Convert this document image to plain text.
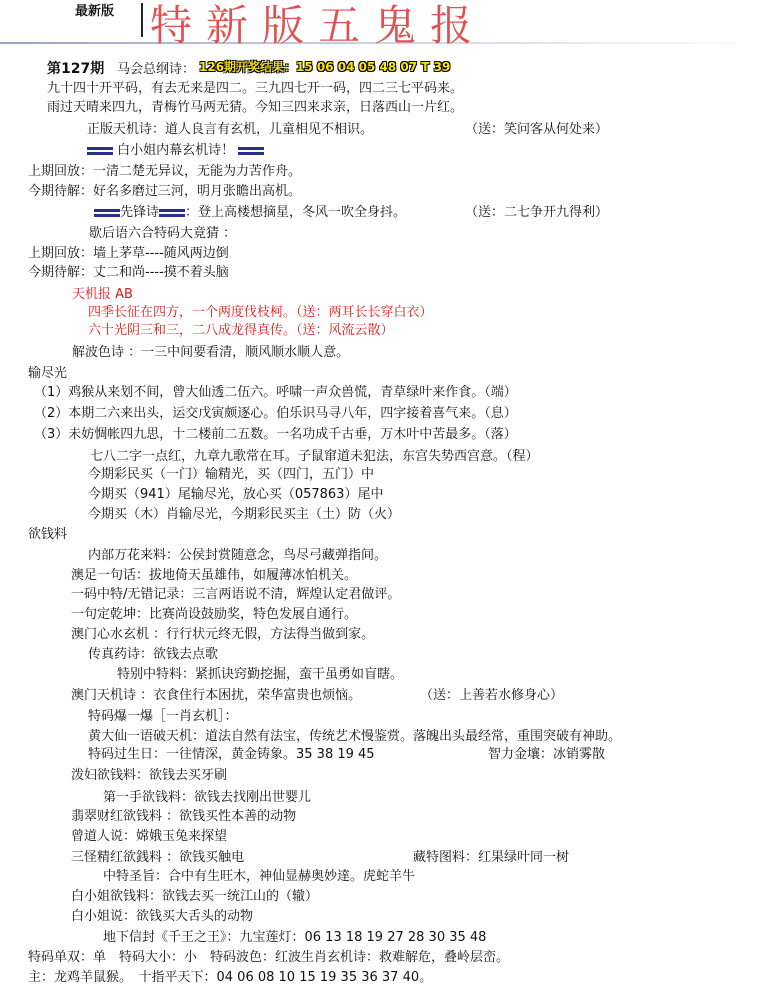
最新版 特新版五鬼报
第127期 马会总纲诗： 126期开奖结果：15 06 04 05 48 07 T 39
九十四十开平码，有去无来是四二。三九四七开一码，四二三七平码来。
雨过天晴来四九，青梅竹马两无猜。今知三四来求亲，日落西山一片红。
正版天机诗：道人良言有玄机，儿童相见不相识。	（送：笑问客从何处来）
白小姐内幕玄机诗！
上期回放：一清二楚无异议，无能为力苦作舟。
今期待解：好名多磨过三河，明月张瞻出高机。
先锋诗 ：登上高楼想摘星，冬风一吹全身抖。	（送：二七争开九得利）
歇后语六合特码大竟猜 ：
上期回放：墙上茅草----随风两边倒
今期待解：丈二和尚----摸不着头脑
天机报 AB
四季长征在四方，一个两度伐枝柯。（送：两耳长长穿白衣）
六十光阴三和三，二八成龙得真传。（送：风流云散）
解波色诗 ：一三中间要看清，顺风顺水顺人意。
输尽光
（1）鸡猴从来划不间，曾大仙透二伍六。呼啸一声众兽慌，青草绿叶来作食。（端）
（2）本期二六来出头，运交戊寅颇逐心。伯乐识马寻八年，四字接着喜气来。（息）
（3）未妨惆帐四九思，十二楼前二五数。一名功成千古垂，万木叶中苦最多。（落）
七八二字一点红，九章九歌常在耳。子鼠窜道未犯法，东宫失势西宫意。（程）
今期彩民买（一门）输精光，买（四门，五门）中
今期买（941）尾输尽光，放心买（057863）尾中
今期买（木）肖输尽光，今期彩民买主（土）防（火）
欲钱料
内部万花来料：公侯封赏随意念，鸟尽弓藏弹指间。
澳足一句话：拔地倚天虽雄伟，如履薄冰怕机关。
一码中特/无错记录：三言两语说不清，辉煌认定君做评。
一句定乾坤：比赛尚设鼓励奖，特色发展自通行。
澳门心水玄机 ：行行状元终无假，方法得当做到家。
传真药诗：欲钱去点歌
特别中特料：紧抓诀窍勤挖掘，蛮干虽勇如盲瞎。
澳门天机诗 ：衣食住行本困扰，荣华富贵也烦恼。	（送：上善若水修身心）
特码爆一爆［一肖玄机］：
黄大仙一语破天机：道法自然有法宝，传统艺术慢鉴赏。落魄出头最经常，重围突破有神助。
特码过生日：一往情深，黄金铸象。35 38 19 45	智力金壤：冰销雾散
泼妇欲钱料：欲钱去买牙刷
第一手欲钱料：欲钱去找刚出世婴儿
翡翠财红欲钱料 ：欲钱买性本善的动物
曾道人说：嫦娥玉兔来探望
三怪精红欲銭料 ：欲钱买触电	藏特图料：红果绿叶同一树
中特圣旨：合中有生旺木，神仙显赫奥妙達。虎蛇羊牛
白小姐欲钱料：欲钱去买一统江山的（辙）
白小姐说：欲钱买大舌头的动物
地下信封《千王之王》：九宝莲灯：06 13 18 19 27 28 30 35 48
特码单双：单　特码大小：小　特码波色：红波生肖玄机诗：救难解危，叠岭层峦。
主：龙鸡羊鼠猴。　十指平天下：04 06 08 10 15 19 35 36 37 40。
